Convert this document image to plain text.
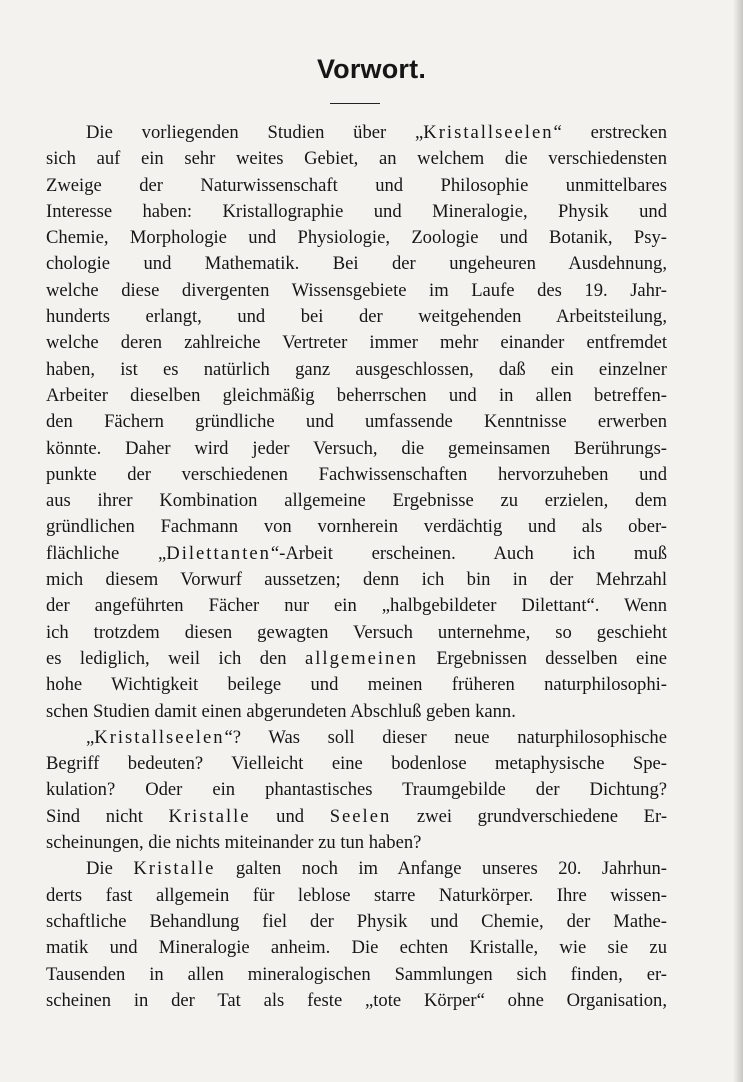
Vorwort.
Die vorliegenden Studien über „Kristallseelen“ erstrecken
sich auf ein sehr weites Gebiet, an welchem die verschiedensten
Zweige der Naturwissenschaft und Philosophie unmittelbares
Interesse haben: Kristallographie und Mineralogie, Physik und
Chemie, Morphologie und Physiologie, Zoologie und Botanik, Psy-
chologie und Mathematik. Bei der ungeheuren Ausdehnung,
welche diese divergenten Wissensgebiete im Laufe des 19. Jahr-
hunderts erlangt, und bei der weitgehenden Arbeitsteilung,
welche deren zahlreiche Vertreter immer mehr einander entfremdet
haben, ist es natürlich ganz ausgeschlossen, daß ein einzelner
Arbeiter dieselben gleichmäßig beherrschen und in allen betreffen-
den Fächern gründliche und umfassende Kenntnisse erwerben
könnte. Daher wird jeder Versuch, die gemeinsamen Berührungs-
punkte der verschiedenen Fachwissenschaften hervorzuheben und
aus ihrer Kombination allgemeine Ergebnisse zu erzielen, dem
gründlichen Fachmann von vornherein verdächtig und als ober-
flächliche „Dilettanten“-Arbeit erscheinen. Auch ich muß
mich diesem Vorwurf aussetzen; denn ich bin in der Mehrzahl
der angeführten Fächer nur ein „halbgebildeter Dilettant“. Wenn
ich trotzdem diesen gewagten Versuch unternehme, so geschieht
es lediglich, weil ich den allgemeinen Ergebnissen desselben eine
hohe Wichtigkeit beilege und meinen früheren naturphilosophi-
schen Studien damit einen abgerundeten Abschluß geben kann.
„Kristallseelen“? Was soll dieser neue naturphilosophische
Begriff bedeuten? Vielleicht eine bodenlose metaphysische Spe-
kulation? Oder ein phantastisches Traumgebilde der Dichtung?
Sind nicht Kristalle und Seelen zwei grundverschiedene Er-
scheinungen, die nichts miteinander zu tun haben?
Die Kristalle galten noch im Anfange unseres 20. Jahrhun-
derts fast allgemein für leblose starre Naturkörper. Ihre wissen-
schaftliche Behandlung fiel der Physik und Chemie, der Mathe-
matik und Mineralogie anheim. Die echten Kristalle, wie sie zu
Tausenden in allen mineralogischen Sammlungen sich finden, er-
scheinen in der Tat als feste „tote Körper“ ohne Organisation,
